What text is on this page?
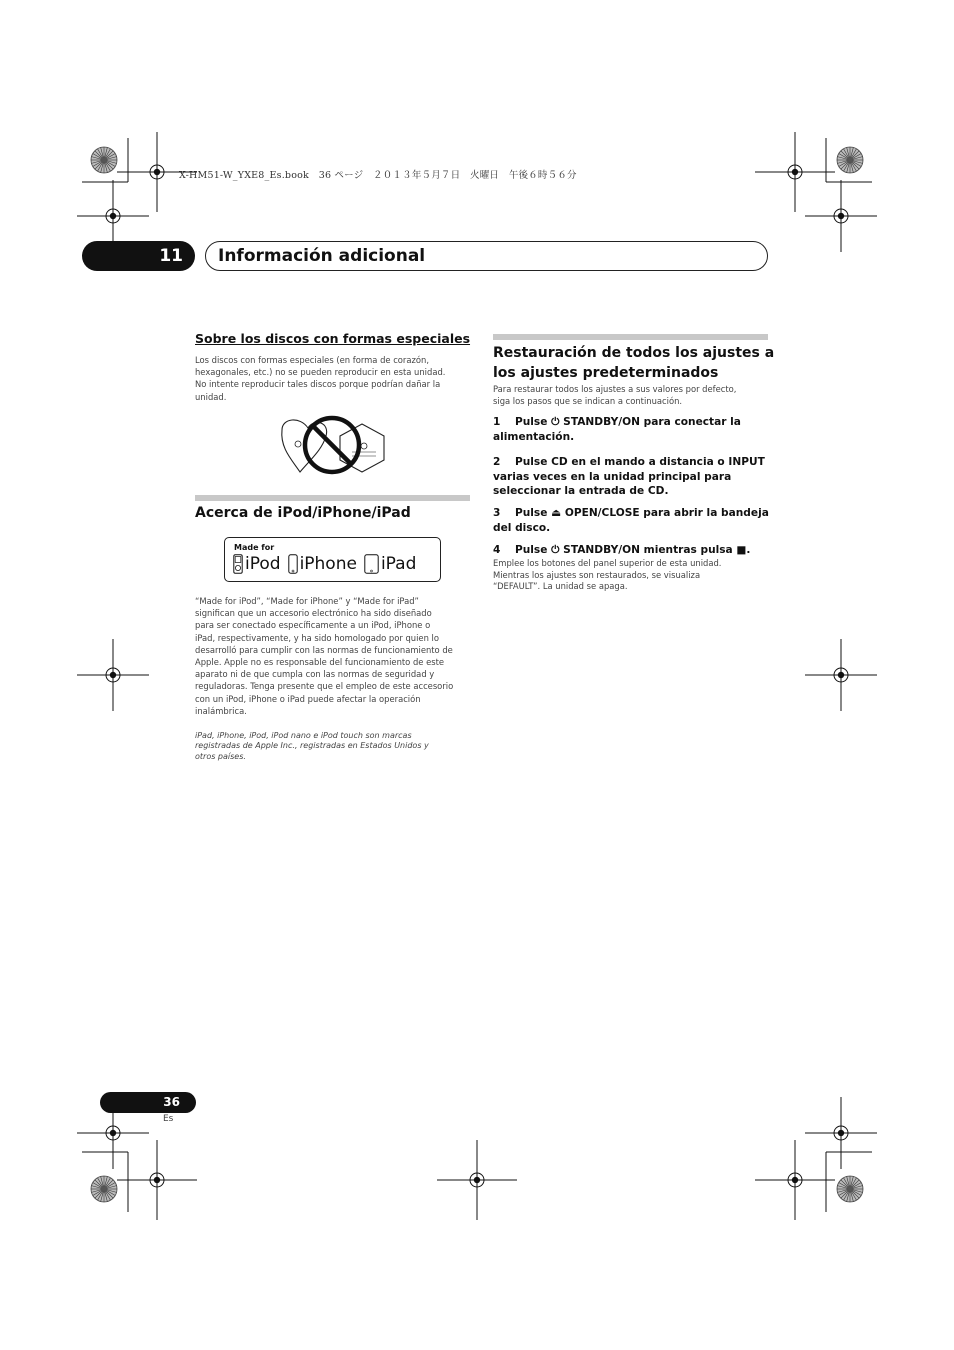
X-HM51-W_YXE8_Es.book　36 ページ　２０１３年５月７日　火曜日　午後６時５６分
11	Información adicional
Sobre los discos con formas especiales
Los discos con formas especiales (en forma de corazón,
hexagonales, etc.) no se pueden reproducir en esta unidad.
No intente reproducir tales discos porque podrían dañar la
unidad.
Acerca de iPod/iPhone/iPad
Made for
iPod iPhone iPad
“Made for iPod”, “Made for iPhone” y “Made for iPad”
significan que un accesorio electrónico ha sido diseñado
para ser conectado específicamente a un iPod, iPhone o
iPad, respectivamente, y ha sido homologado por quien lo
desarrolló para cumplir con las normas de funcionamiento de
Apple. Apple no es responsable del funcionamiento de este
aparato ni de que cumpla con las normas de seguridad y
reguladoras. Tenga presente que el empleo de este accesorio
con un iPod, iPhone o iPad puede afectar la operación
inalámbrica.
iPad, iPhone, iPod, iPod nano e iPod touch son marcas
registradas de Apple Inc., registradas en Estados Unidos y
otros países.
Restauración de todos los ajustes a
los ajustes predeterminados
Para restaurar todos los ajustes a sus valores por defecto,
siga los pasos que se indican a continuación.
1 Pulse ⏻ STANDBY/ON para conectar la
alimentación.
2 Pulse CD en el mando a distancia o INPUT
varias veces en la unidad principal para
seleccionar la entrada de CD.
3 Pulse ⏏ OPEN/CLOSE para abrir la bandeja
del disco.
4 Pulse ⏻ STANDBY/ON mientras pulsa ■.
Emplee los botones del panel superior de esta unidad.
Mientras los ajustes son restaurados, se visualiza
“DEFAULT”. La unidad se apaga.
36
Es
